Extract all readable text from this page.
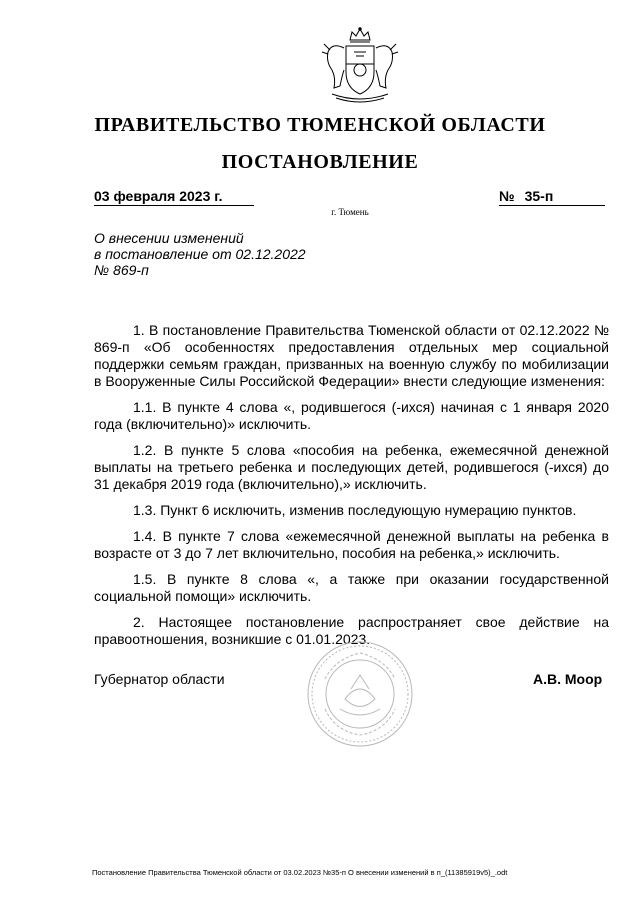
ПРАВИТЕЛЬСТВО ТЮМЕНСКОЙ ОБЛАСТИ
ПОСТАНОВЛЕНИЕ
03 февраля 2023 г.	№ 35-п
г. Тюмень
О внесении изменений
в постановление от 02.12.2022
№ 869-п

1. В постановление Правительства Тюменской области от 02.12.2022 № 869-п «Об особенностях предоставления отдельных мер социальной поддержки семьям граждан, призванных на военную службу по мобилизации в Вооруженные Силы Российской Федерации» внести следующие изменения:

1.1. В пункте 4 слова «, родившегося (-ихся) начиная с 1 января 2020 года (включительно)» исключить.

1.2. В пункте 5 слова «пособия на ребенка, ежемесячной денежной выплаты на третьего ребенка и последующих детей, родившегося (-ихся) до 31 декабря 2019 года (включительно),» исключить.

1.3. Пункт 6 исключить, изменив последующую нумерацию пунктов.

1.4. В пункте 7 слова «ежемесячной денежной выплаты на ребенка в возрасте от 3 до 7 лет включительно, пособия на ребенка,» исключить.

1.5. В пункте 8 слова «, а также при оказании государственной социальной помощи» исключить.

2. Настоящее постановление распространяет свое действие на правоотношения, возникшие с 01.01.2023.

Губернатор области	А.В. Моор
Постановление Правительства Тюменской области от 03.02.2023 №35-п О внесении изменений в п_(11385919v5)_.odt
